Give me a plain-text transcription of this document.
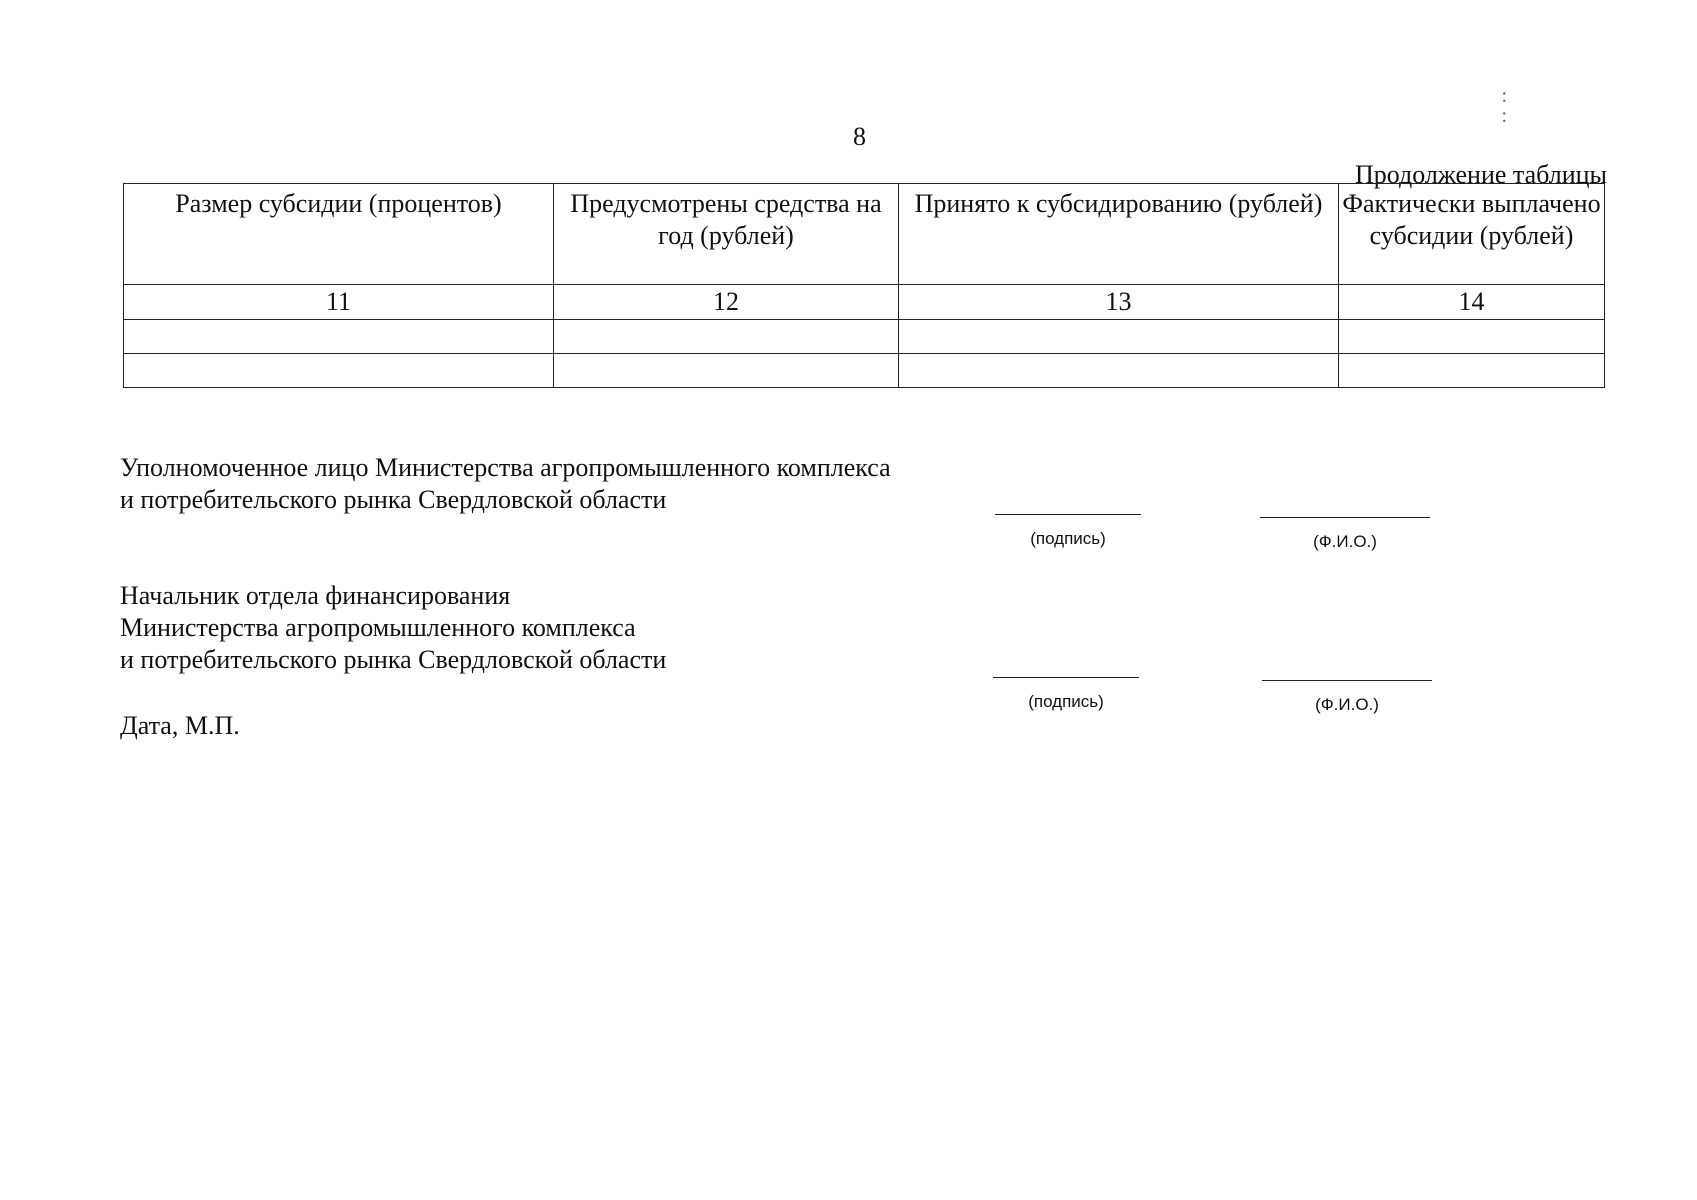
:
:
8
Продолжение таблицы
Размер субсидии (процентов)	Предусмотрены средства на год (рублей)	Принято к субсидированию (рублей)	Фактически выплачено субсидии (рублей)
11	12	13	14

Уполномоченное лицо Министерства агропромышленного комплекса
и потребительского рынка Свердловской области
(подпись)	(Ф.И.О.)
Начальник отдела финансирования
Министерства агропромышленного комплекса
и потребительского рынка Свердловской области
(подпись)	(Ф.И.О.)
Дата, М.П.
